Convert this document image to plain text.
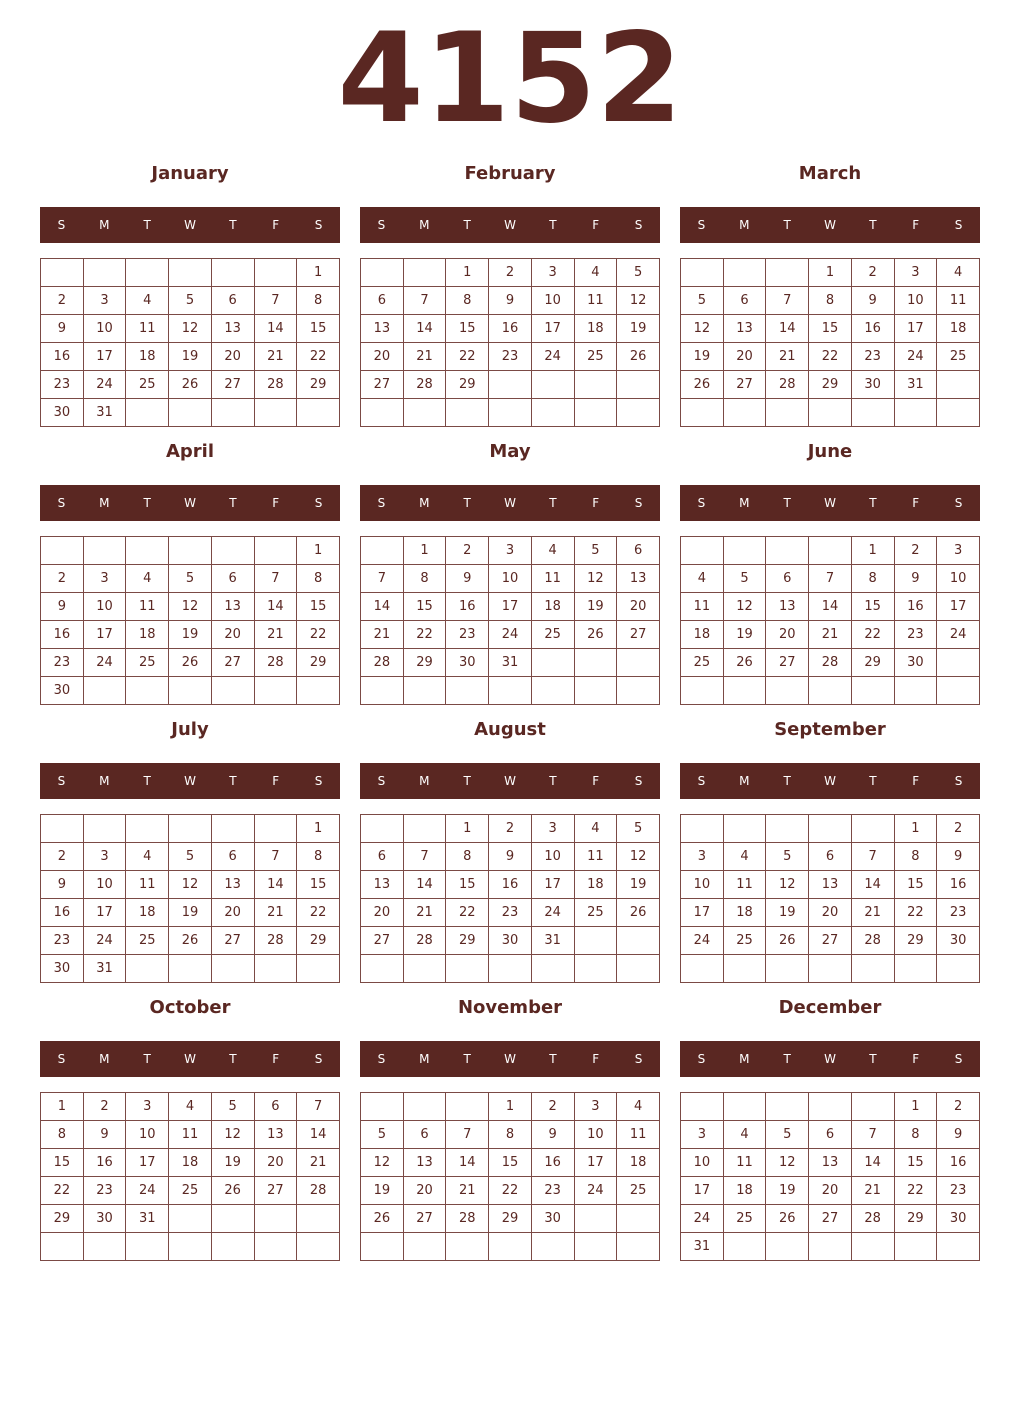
4152
January
S	M	T	W	T	F	S
						1
2	3	4	5	6	7	8
9	10	11	12	13	14	15
16	17	18	19	20	21	22
23	24	25	26	27	28	29
30	31					
February
S	M	T	W	T	F	S
		1	2	3	4	5
6	7	8	9	10	11	12
13	14	15	16	17	18	19
20	21	22	23	24	25	26
27	28	29				

March
S	M	T	W	T	F	S
			1	2	3	4
5	6	7	8	9	10	11
12	13	14	15	16	17	18
19	20	21	22	23	24	25
26	27	28	29	30	31	

April
S	M	T	W	T	F	S
						1
2	3	4	5	6	7	8
9	10	11	12	13	14	15
16	17	18	19	20	21	22
23	24	25	26	27	28	29
30						
May
S	M	T	W	T	F	S
	1	2	3	4	5	6
7	8	9	10	11	12	13
14	15	16	17	18	19	20
21	22	23	24	25	26	27
28	29	30	31			

June
S	M	T	W	T	F	S
				1	2	3
4	5	6	7	8	9	10
11	12	13	14	15	16	17
18	19	20	21	22	23	24
25	26	27	28	29	30	

July
S	M	T	W	T	F	S
						1
2	3	4	5	6	7	8
9	10	11	12	13	14	15
16	17	18	19	20	21	22
23	24	25	26	27	28	29
30	31					
August
S	M	T	W	T	F	S
		1	2	3	4	5
6	7	8	9	10	11	12
13	14	15	16	17	18	19
20	21	22	23	24	25	26
27	28	29	30	31		

September
S	M	T	W	T	F	S
					1	2
3	4	5	6	7	8	9
10	11	12	13	14	15	16
17	18	19	20	21	22	23
24	25	26	27	28	29	30

October
S	M	T	W	T	F	S
1	2	3	4	5	6	7
8	9	10	11	12	13	14
15	16	17	18	19	20	21
22	23	24	25	26	27	28
29	30	31				

November
S	M	T	W	T	F	S
			1	2	3	4
5	6	7	8	9	10	11
12	13	14	15	16	17	18
19	20	21	22	23	24	25
26	27	28	29	30		

December
S	M	T	W	T	F	S
					1	2
3	4	5	6	7	8	9
10	11	12	13	14	15	16
17	18	19	20	21	22	23
24	25	26	27	28	29	30
31						
